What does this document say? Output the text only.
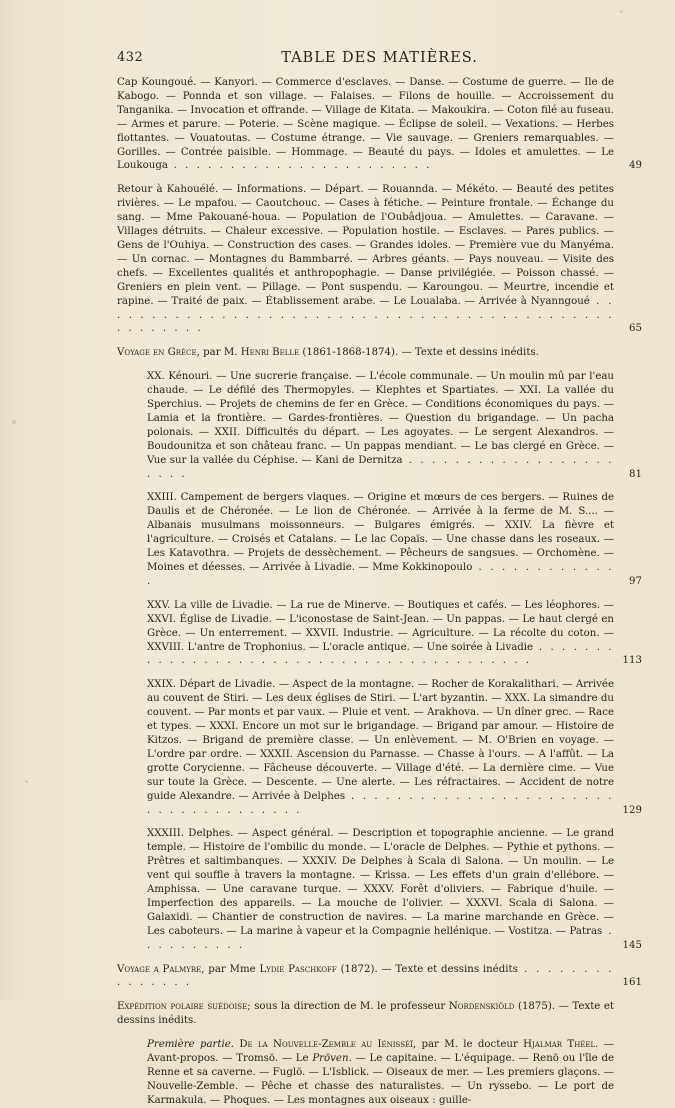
432	TABLE DES MATIÈRES.
Cap Koungoué. — Kanyori. — Commerce d'esclaves. — Danse. — Costume de guerre. — Ile de Kabogo. — Ponnda et son village. — Falaises. — Filons de houille. — Accroissement du Tanganika. — Invocation et offrande. — Village de Kitata. — Makoukira. — Coton filé au fuseau. — Armes et parure. — Poterie. — Scène magique. — Éclipse de soleil. — Vexations. — Herbes flottantes. — Vouatoutas. — Costume étrange. — Vie sauvage. — Greniers remarquables. — Gorilles. — Contrée paisible. — Hommage. — Beauté du pays. — Idoles et amulettes. — Le Loukouga . . . . . . . . . . . . . . . . . . . . . . .	49
Retour à Kahouélé. — Informations. — Départ. — Rouannda. — Mékéto. — Beauté des petites rivières. — Le mpafou. — Caoutchouc. — Cases à fétiche. — Peinture frontale. — Échange du sang. — Mme Pakouané-houa. — Population de l'Oubâdjoua. — Amulettes. — Caravane. — Villages détruits. — Chaleur excessive. — Population hostile. — Esclaves. — Pares publics. — Gens de l'Ouhiya. — Construction des cases. — Grandes idoles. — Première vue du Manyéma. — Un cornac. — Montagnes du Bammbarré. — Arbres géants. — Pays nouveau. — Visite des chefs. — Excellentes qualités et anthropophagie. — Danse privilégiée. — Poisson chassé. — Greniers en plein vent. — Pillage. — Pont suspendu. — Karoungou. — Meurtre, incendie et rapine. — Traité de paix. — Établissement arabe. — Le Loualaba. — Arrivée à Nyanngoué . . . . . . . . . . . . . . . . . . . . . . . . . . . . . . . . . . . . . . . . . . . . . . . . . . . . .	65
Voyage en Grèce, par M. Henri Belle (1861-1868-1874). — Texte et dessins inédits.
XX. Kénouri. — Une sucrerie française. — L'école communale. — Un moulin mû par l'eau chaude. — Le défilé des Thermopyles. — Klephtes et Spartiates. — XXI. La vallée du Sperchius. — Projets de chemins de fer en Grèce. — Conditions économiques du pays. — Lamia et la frontière. — Gardes-frontières. — Question du brigandage. — Un pacha polonais. — XXII. Difficultés du départ. — Les agoyates. — Le sergent Alexandros. — Boudounitza et son château franc. — Un pappas mendiant. — Le bas clergé en Grèce. — Vue sur la vallée du Céphise. — Kani de Dernitza . . . . . . . . . . . . . . . . . . . . . .	81
XXIII. Campement de bergers vlaques. — Origine et mœurs de ces bergers. — Ruines de Daulis et de Chéronée. — Le lion de Chéronée. — Arrivée à la ferme de M. S.... — Albanais musulmans moissonneurs. — Bulgares émigrés. — XXIV. La fièvre et l'agriculture. — Croisés et Catalans. — Le lac Copaïs. — Une chasse dans les roseaux. — Les Katavothra. — Projets de dessèchement. — Pêcheurs de sangsues. — Orchomène. — Moines et déesses. — Arrivée à Livadie. — Mme Kokkinopoulo . . . . . . . . . . . . .	97
XXV. La ville de Livadie. — La rue de Minerve. — Boutiques et cafés. — Les léophores. — XXVI. Église de Livadie. — L'iconostase de Saint-Jean. — Un pappas. — Le haut clergé en Grèce. — Un enterrement. — XXVII. Industrie. — Agriculture. — La récolte du coton. — XXVIII. L'antre de Trophonius. — L'oracle antique. — Une soirée à Livadie . . . . . . . . . . . . . . . . . . . . . . . . . . . . . . . . . . . . . . . . .	113
XXIX. Départ de Livadie. — Aspect de la montagne. — Rocher de Korakalithari. — Arrivée au couvent de Stiri. — Les deux églises de Stiri. — L'art byzantin. — XXX. La simandre du couvent. — Par monts et par vaux. — Pluie et vent. — Arakhova. — Un dîner grec. — Race et types. — XXXI. Encore un mot sur le brigandage. — Brigand par amour. — Histoire de Kitzos. — Brigand de première classe. — Un enlèvement. — M. O'Brien en voyage. — L'ordre par ordre. — XXXII. Ascension du Parnasse. — Chasse à l'ours. — A l'affût. — La grotte Corycienne. — Fâcheuse découverte. — Village d'été. — La dernière cime. — Vue sur toute la Grèce. — Descente. — Une alerte. — Les réfractaires. — Accident de notre guide Alexandre. — Arrivée à Delphes . . . . . . . . . . . . . . . . . . . . . . . . . . . . . . . . . . . . .	129
XXXIII. Delphes. — Aspect général. — Description et topographie ancienne. — Le grand temple. — Histoire de l'ombilic du monde. — L'oracle de Delphes. — Pythie et pythons. — Prêtres et saltimbanques. — XXXIV. De Delphes à Scala di Salona. — Un moulin. — Le vent qui souffle à travers la montagne. — Krissa. — Les effets d'un grain d'ellébore. — Amphissa. — Une caravane turque. — XXXV. Forêt d'oliviers. — Fabrique d'huile. — Imperfection des appareils. — La mouche de l'olivier. — XXXVI. Scala di Salona. — Galaxidi. — Chantier de construction de navires. — La marine marchande en Grèce. — Les caboteurs. — La marine à vapeur et la Compagnie hellénique. — Vostitza. — Patras . . . . . . . . . .	145
Voyage a Palmyre, par Mme Lydie Paschkoff (1872). — Texte et dessins inédits . . . . . . . . . . . . . . .	161
Expédition polaire suédoise; sous la direction de M. le professeur Nordenskiöld (1875). — Texte et dessins inédits.
Première partie. De la Nouvelle-Zemble au Iénisséï, par M. le docteur Hjalmar Théel. — Avant-propos. — Tromsö. — Le Pröven. — Le capitaine. — L'équipage. — Renö ou l'île de Renne et sa caverne. — Fuglö. — L'Isblick. — Oiseaux de mer. — Les premiers glaçons. — Nouvelle-Zemble. — Pêche et chasse des naturalistes. — Un ryssebo. — Le port de Karmakula. — Phoques. — Les montagnes aux oiseaux : guille-
